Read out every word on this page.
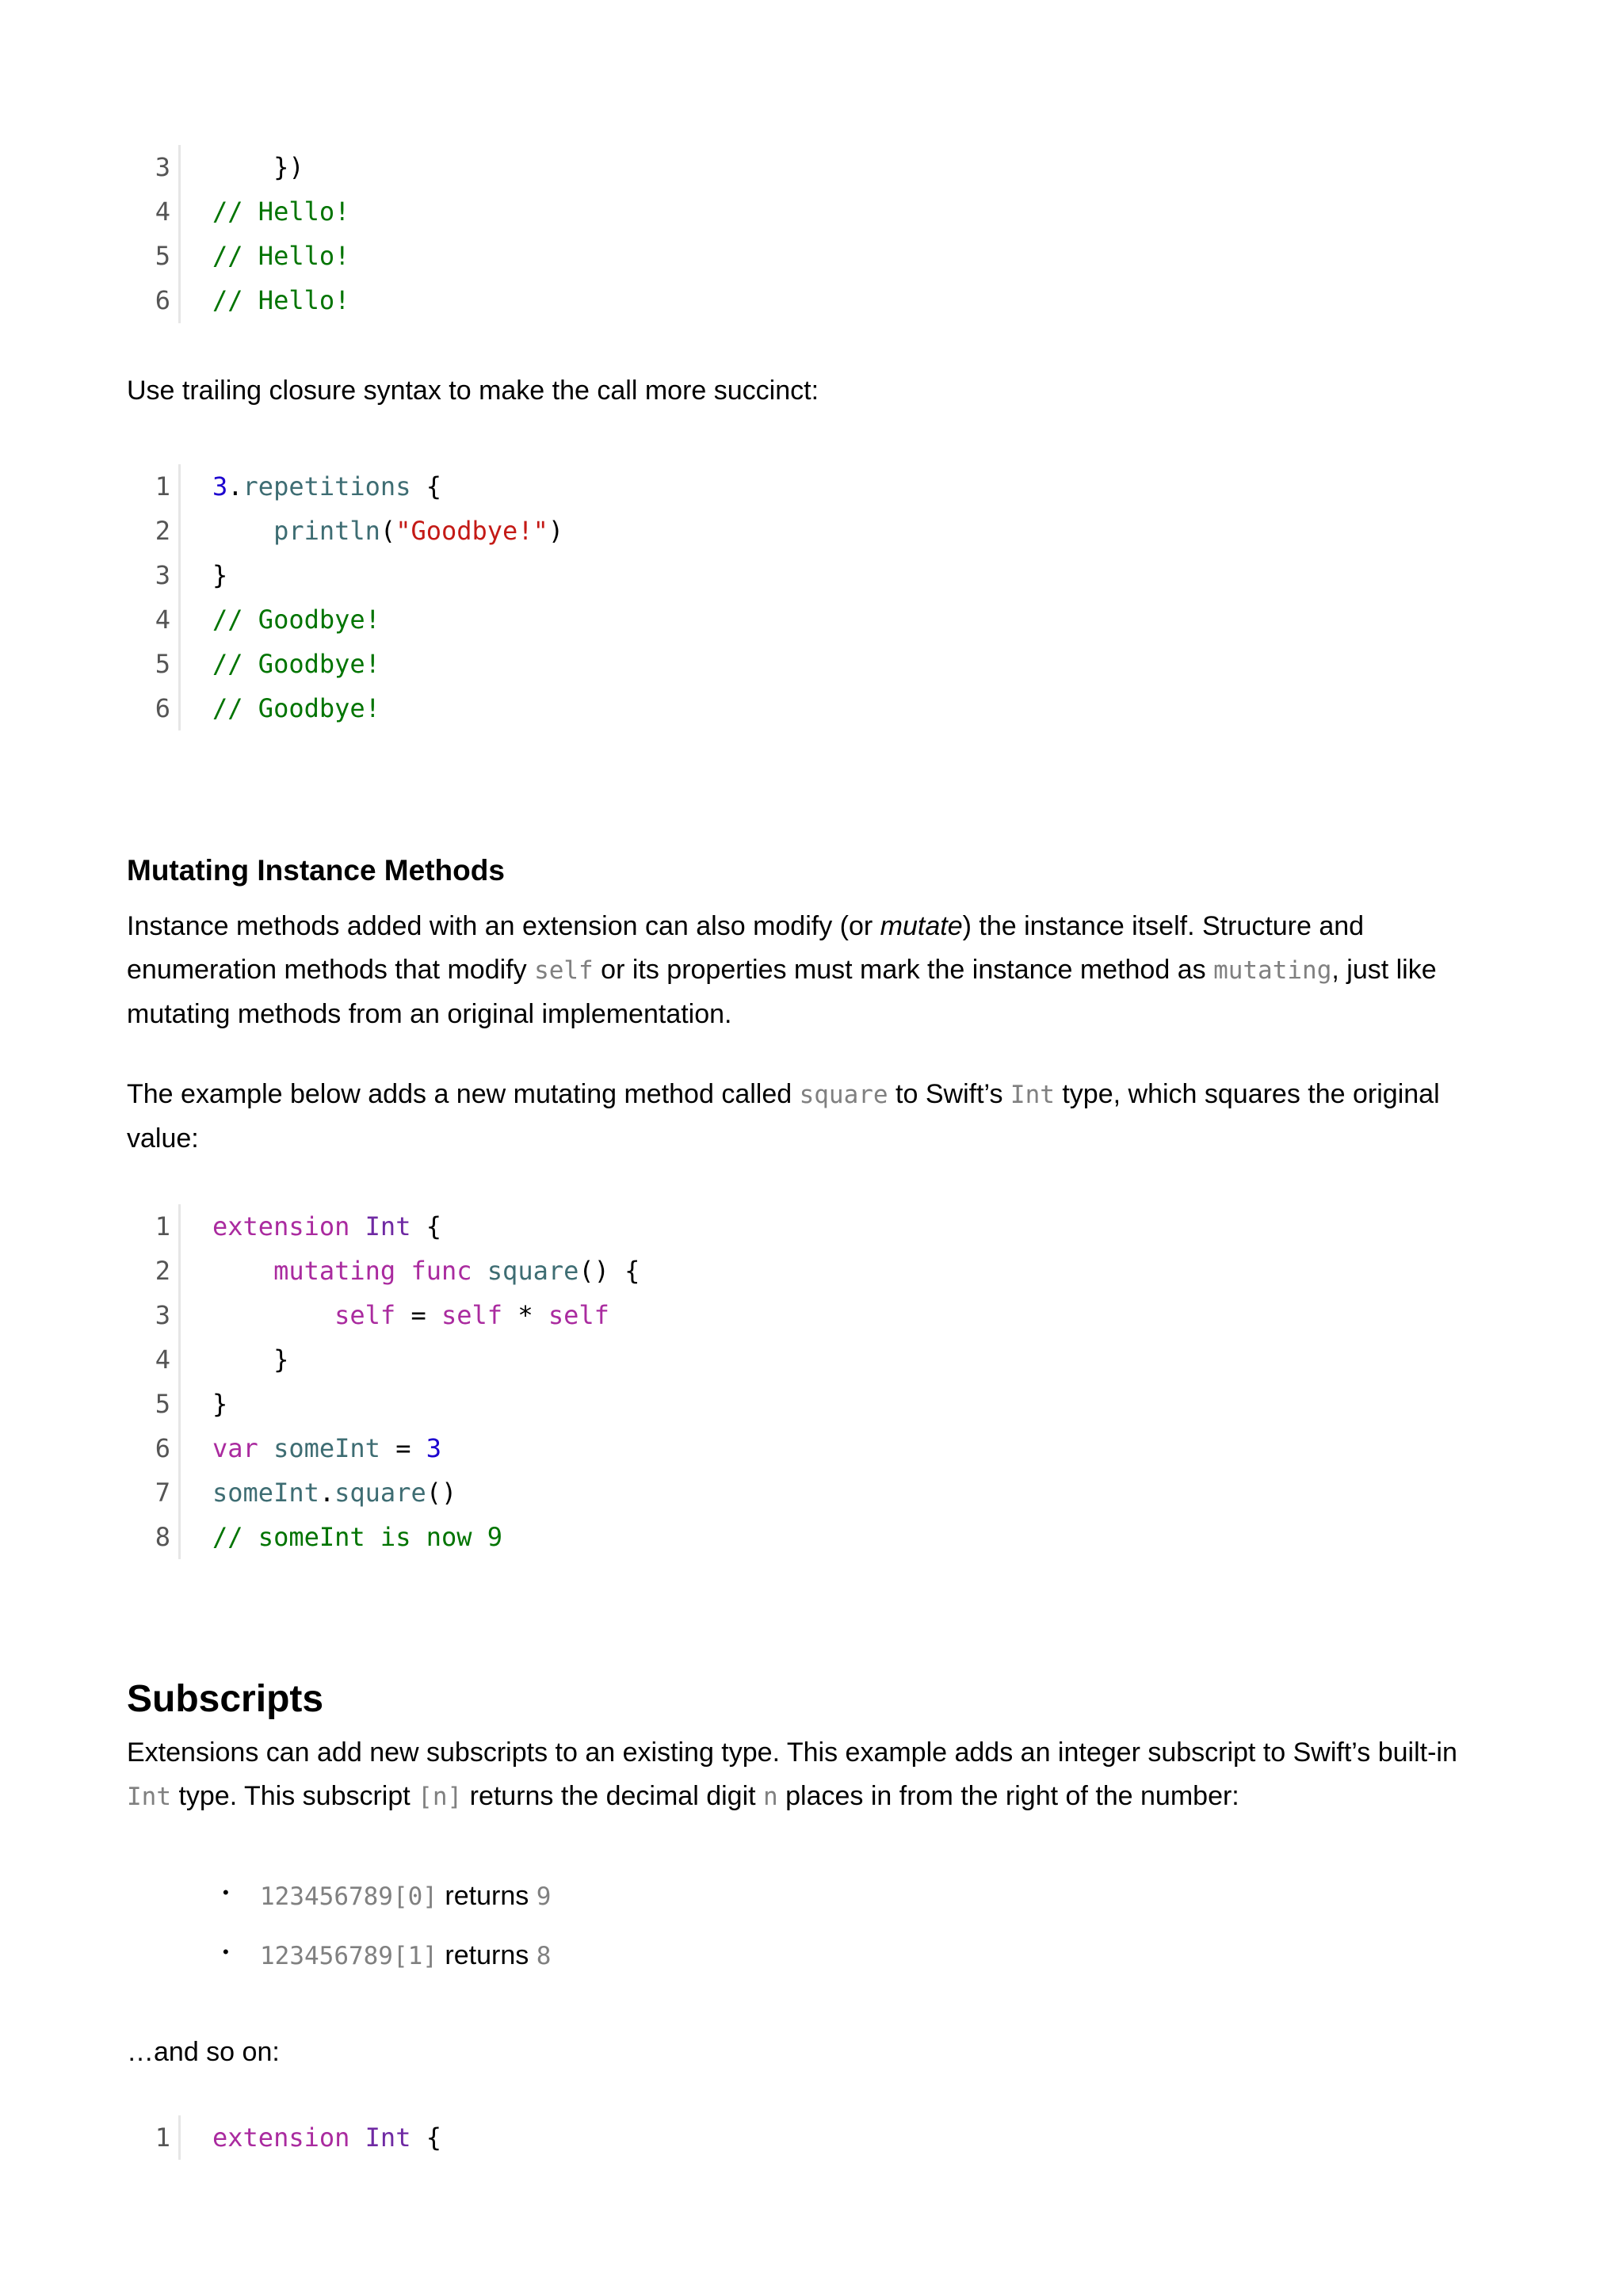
3 })
4 // Hello!
5 // Hello!
6 // Hello!

Use trailing closure syntax to make the call more succinct:

1 3.repetitions {
2	println("Goodbye!")
3 }
4 // Goodbye!
5 // Goodbye!
6 // Goodbye!
Mutating Instance Methods

Instance methods added with an extension can also modify (or mutate) the instance itself. Structure and enumeration methods that modify self or its properties must mark the instance method as mutating, just like mutating methods from an original implementation.

The example below adds a new mutating method called square to Swift’s Int type, which squares the original value:

1 extension Int {
2	mutating func square() {
3	self = self * self
4 }
5 }
6 var someInt = 3
7 someInt.square()
8 // someInt is now 9
Subscripts

Extensions can add new subscripts to an existing type. This example adds an integer subscript to Swift’s built-in Int type. This subscript [n] returns the decimal digit n places in from the right of the number:

• 123456789[0] returns 9
• 123456789[1] returns 8

…and so on:

1 extension Int {
